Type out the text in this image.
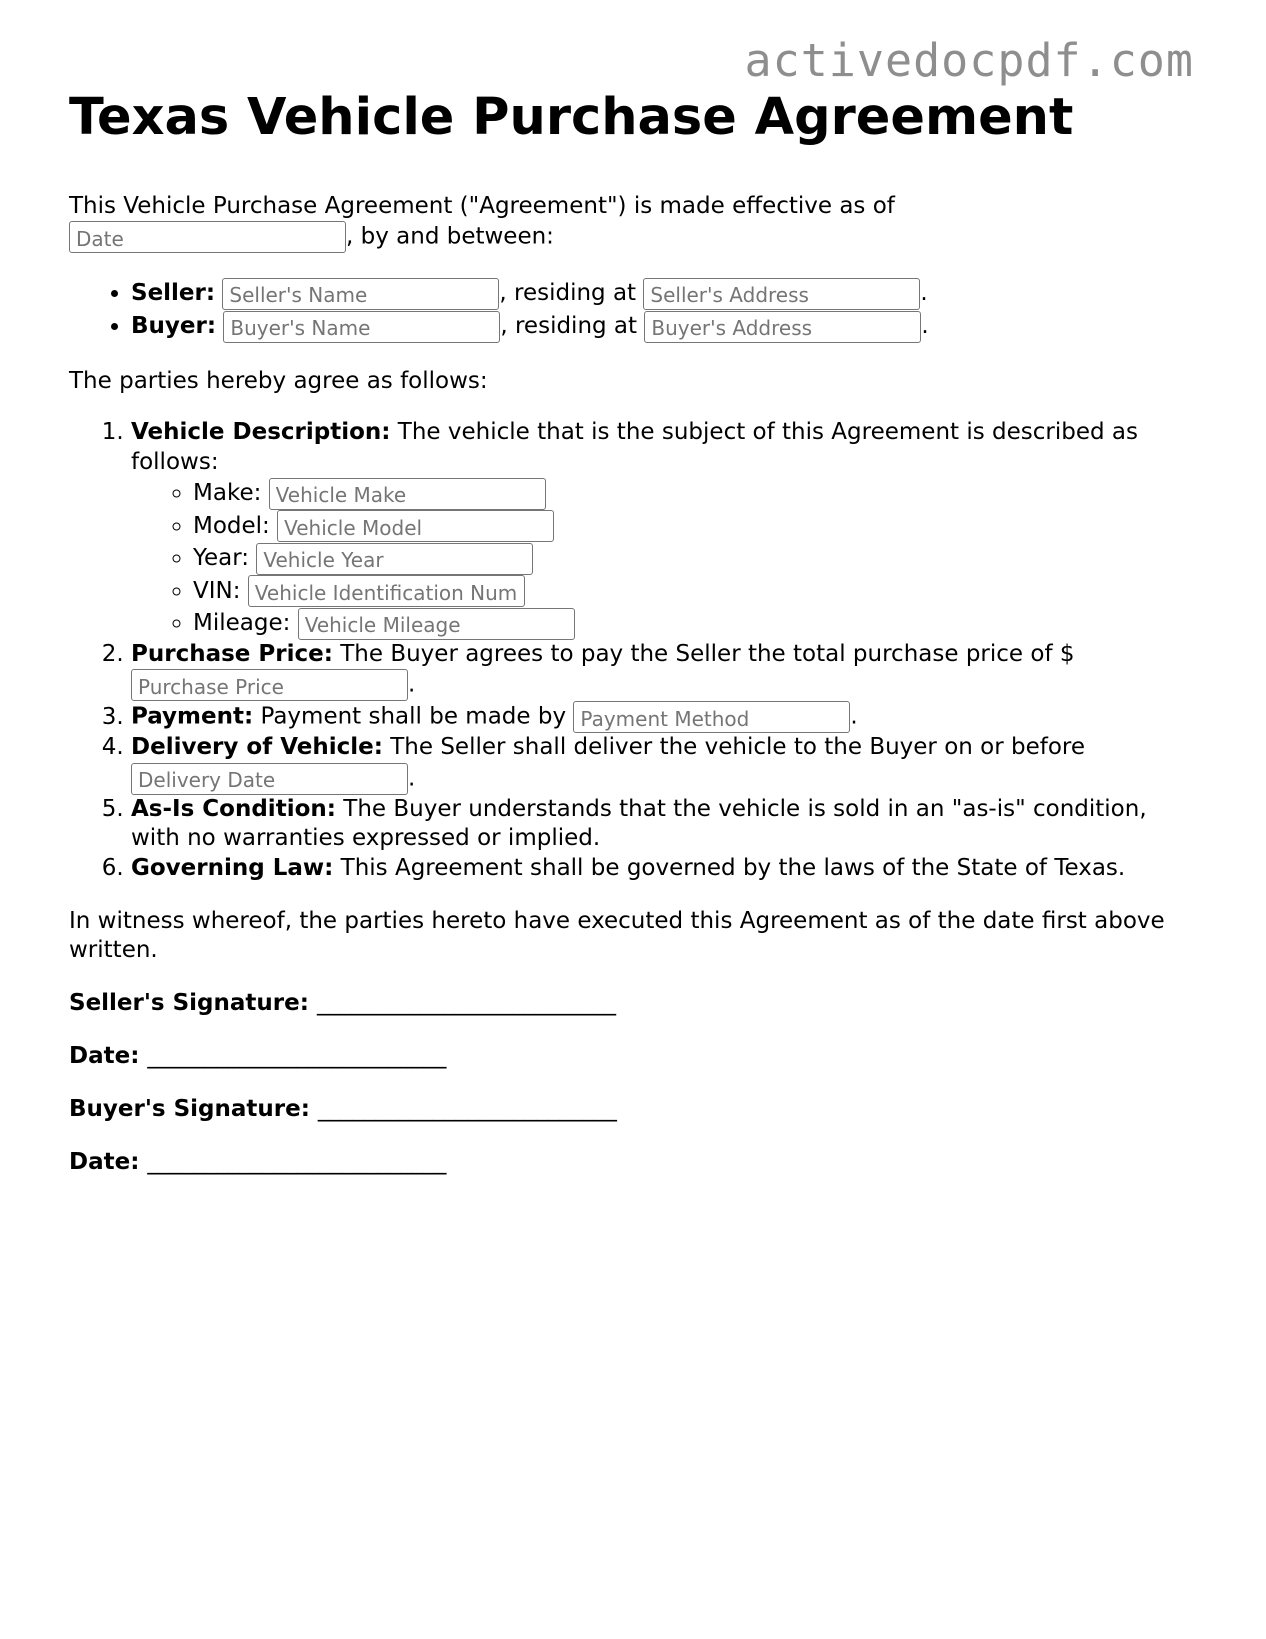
activedocpdf.com
Texas Vehicle Purchase Agreement
This Vehicle Purchase Agreement ("Agreement") is made effective as of
Date, by and between:
• Seller: Seller's Name	, residing at Seller's Address	.
• Buyer: Buyer's Name	, residing at Buyer's Address	.
The parties hereby agree as follows:
1. Vehicle Description: The vehicle that is the subject of this Agreement is described as follows:
◦ Make: Vehicle Make
◦ Model: Vehicle Model
◦ Year: Vehicle Year
◦ VIN: Vehicle Identification Num
◦ Mileage: Vehicle Mileage
2. Purchase Price: The Buyer agrees to pay the Seller the total purchase price of $
Purchase Price.
3. Payment: Payment shall be made by Payment Method	.
4. Delivery of Vehicle: The Seller shall deliver the vehicle to the Buyer on or before
Delivery Date.
5. As-Is Condition: The Buyer understands that the vehicle is sold in an "as-is" condition, with no warranties expressed or implied.
6. Governing Law: This Agreement shall be governed by the laws of the State of Texas.
In witness whereof, the parties hereto have executed this Agreement as of the date first above written.
Seller's Signature: __________________________
Date: __________________________
Buyer's Signature: __________________________
Date: __________________________
